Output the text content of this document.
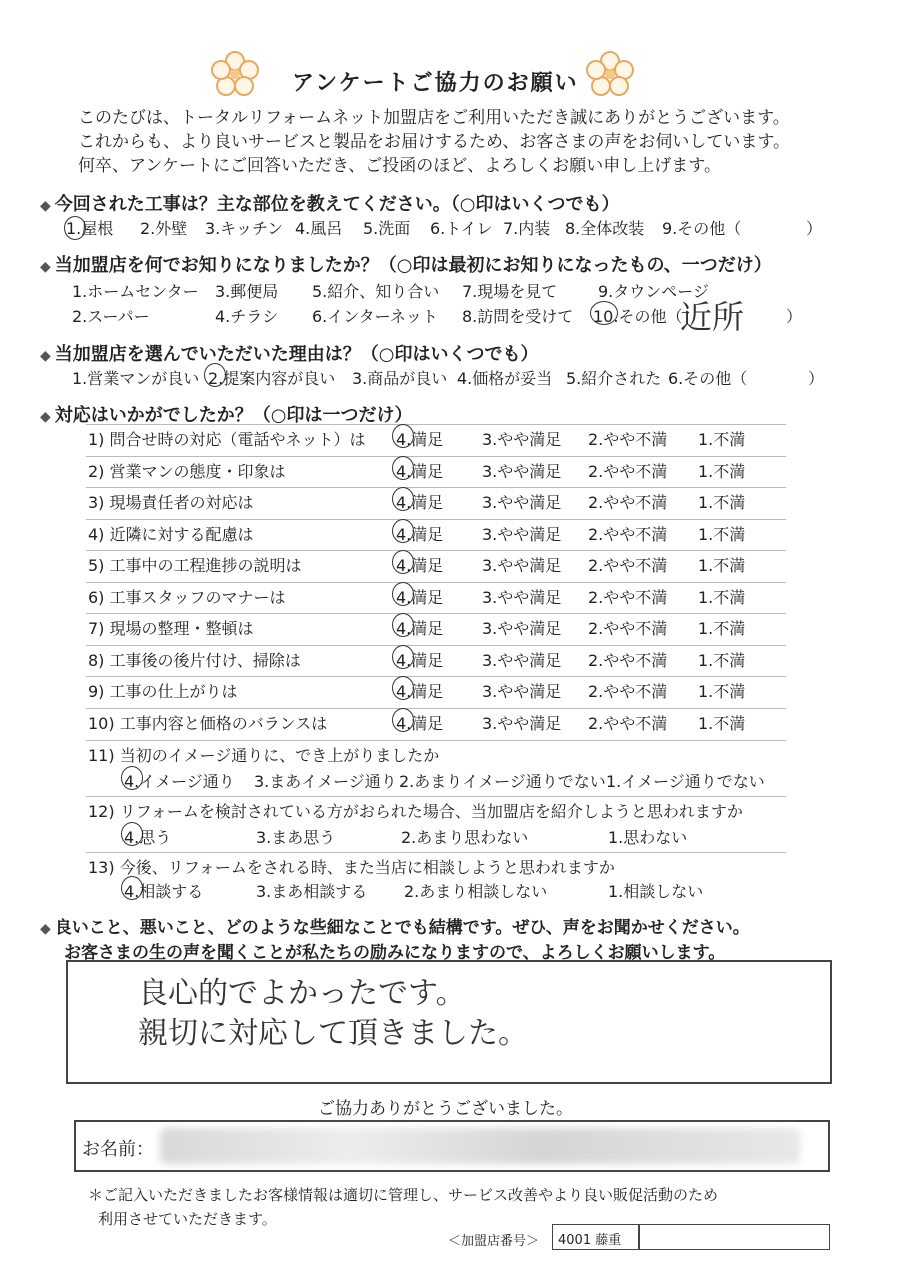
アンケートご協力のお願い
このたびは、トータルリフォームネット加盟店をご利用いただき誠にありがとうございます。
これからも、より良いサービスと製品をお届けするため、お客さまの声をお伺いしています。
何卒、アンケートにご回答いただき、ご投函のほど、よろしくお願い申し上げます。
◆ 今回された工事は？主な部位を教えてください。（○印はいくつでも）
1.屋根 2.外壁 3.キッチン 4.風呂 5.洗面 6.トイレ 7.内装 8.全体改装 9.その他（	）
◆ 当加盟店を何でお知りになりましたか？（○印は最初にお知りになったもの、一つだけ）
1.ホームセンター 3.郵便局 5.紹介、知り合い 7.現場を見て	9.タウンページ
2.スーパー	4.チラシ 6.インターネット 8.訪問を受けて 10.その他（
近所	）
◆ 当加盟店を選んでいただいた理由は？（○印はいくつでも）
1.営業マンが良い 2.提案内容が良い 3.商品が良い 4.価格が妥当 5.紹介された 6.その他（	）
◆ 対応はいかがでしたか？（○印は一つだけ）
1) 問合せ時の対応（電話やネット）は 4.満足 3.やや満足 2.やや不満 1.不満
2) 営業マンの態度・印象は	4.満足 3.やや満足 2.やや不満 1.不満
3) 現場責任者の対応は	4.満足 3.やや満足 2.やや不満 1.不満
4) 近隣に対する配慮は	4.満足 3.やや満足 2.やや不満 1.不満
5) 工事中の工程進捗の説明は	4.満足 3.やや満足 2.やや不満 1.不満
6) 工事スタッフのマナーは	4.満足 3.やや満足 2.やや不満 1.不満
7) 現場の整理・整頓は	4.満足 3.やや満足 2.やや不満 1.不満
8) 工事後の後片付け、掃除は	4.満足 3.やや満足 2.やや不満 1.不満
9) 工事の仕上がりは	4.満足 3.やや満足 2.やや不満 1.不満
10) 工事内容と価格のバランスは	4.満足 3.やや満足 2.やや不満 1.不満
11) 当初のイメージ通りに、でき上がりましたか
4.イメージ通り 3.まあイメージ通り 2.あまりイメージ通りでない 1.イメージ通りでない
12) リフォームを検討されている方がおられた場合、当加盟店を紹介しようと思われますか
4.思う	3.まあ思う	2.あまり思わない	1.思わない
13) 今後、リフォームをされる時、また当店に相談しようと思われますか
4.相談する	3.まあ相談する 2.あまり相談しない	1.相談しない
◆ 良いこと、悪いこと、どのような些細なことでも結構です。ぜひ、声をお聞かせください。
お客さまの生の声を聞くことが私たちの励みになりますので、よろしくお願いします。
良心的でよかったです。
親切に対応して頂きました。
ご協力ありがとうございました。
お名前：
＊ご記入いただきましたお客様情報は適切に管理し、サービス改善やより良い販促活動のため
利用させていただきます。
＜加盟店番号＞ 4001 藤重
